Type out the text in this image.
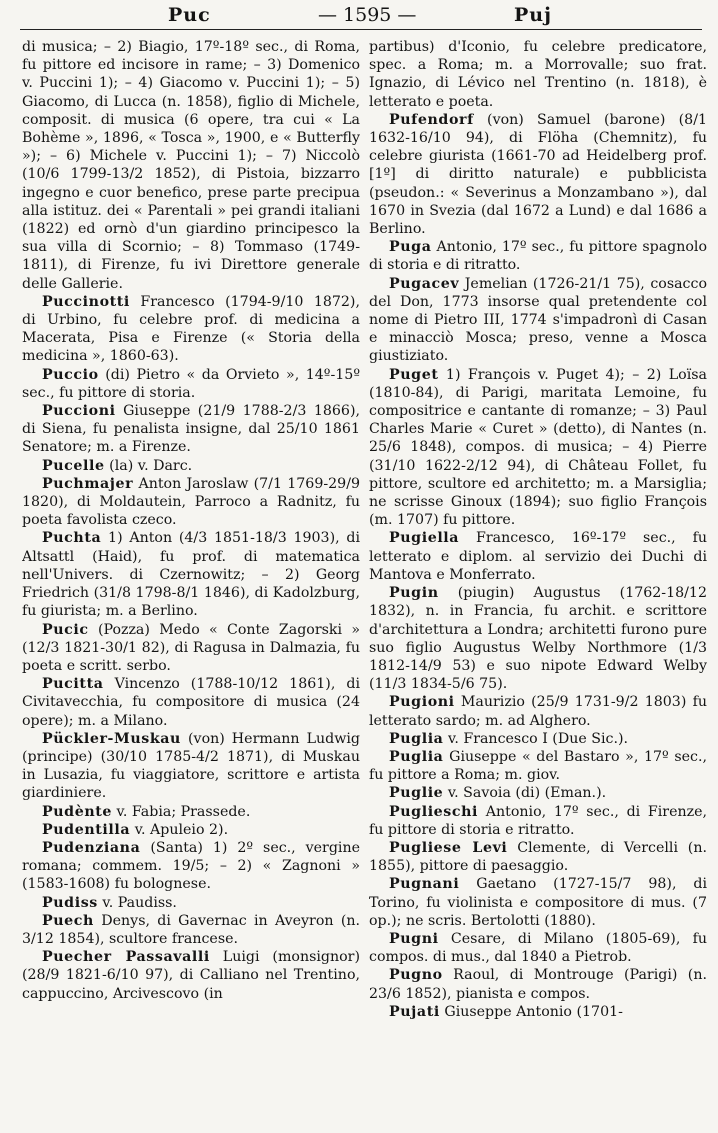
Puc	— 1595 —	Puj

di musica; – 2) Biagio, 17º-18º sec., di Roma, fu pittore ed incisore in rame; – 3) Domenico v. Puccini 1); – 4) Giacomo v. Puccini 1); – 5) Giacomo, di Lucca (n. 1858), figlio di Michele, composit. di musica (6 opere, tra cui « La Bohème », 1896, « Tosca », 1900, e « Butterfly »); – 6) Michele v. Puccini 1); – 7) Niccolò (10/6 1799-13/2 1852), di Pistoia, bizzarro ingegno e cuor benefico, prese parte precipua alla istituz. dei « Parentali » pei grandi italiani (1822) ed ornò d'un giardino principesco la sua villa di Scornio; – 8) Tommaso (1749-1811), di Firenze, fu ivi Direttore generale delle Gallerie.

Puccinotti Francesco (1794-9/10 1872), di Urbino, fu celebre prof. di medicina a Macerata, Pisa e Firenze (« Storia della medicina », 1860-63).

Puccio (di) Pietro « da Orvieto », 14º-15º sec., fu pittore di storia.

Puccioni Giuseppe (21/9 1788-2/3 1866), di Siena, fu penalista insigne, dal 25/10 1861 Senatore; m. a Firenze.

Pucelle (la) v. Darc.

Puchmajer Anton Jaroslaw (7/1 1769-29/9 1820), di Moldautein, Parroco a Radnitz, fu poeta favolista czeco.

Puchta 1) Anton (4/3 1851-18/3 1903), di Altsattl (Haid), fu prof. di matematica nell'Univers. di Czernowitz; – 2) Georg Friedrich (31/8 1798-8/1 1846), di Kadolzburg, fu giurista; m. a Berlino.

Pucic (Pozza) Medo « Conte Zagorski » (12/3 1821-30/1 82), di Ragusa in Dalmazia, fu poeta e scritt. serbo.

Pucitta Vincenzo (1788-10/12 1861), di Civitavecchia, fu compositore di musica (24 opere); m. a Milano.

Pückler-Muskau (von) Hermann Ludwig (principe) (30/10 1785-4/2 1871), di Muskau in Lusazia, fu viaggiatore, scrittore e artista giardiniere.

Pudènte v. Fabia; Prassede.

Pudentilla v. Apuleio 2).

Pudenziana (Santa) 1) 2º sec., vergine romana; commem. 19/5; – 2) « Zagnoni » (1583-1608) fu bolognese.

Pudiss v. Paudiss.

Puech Denys, di Gavernac in Aveyron (n. 3/12 1854), scultore francese.

Puecher Passavalli Luigi (monsignor) (28/9 1821-6/10 97), di Calliano nel Trentino, cappuccino, Arcivescovo (in

partibus) d'Iconio, fu celebre predicatore, spec. a Roma; m. a Morrovalle; suo frat. Ignazio, di Lévico nel Trentino (n. 1818), è letterato e poeta.

Pufendorf (von) Samuel (barone) (8/1 1632-16/10 94), di Flöha (Chemnitz), fu celebre giurista (1661-70 ad Heidelberg prof. [1º] di diritto naturale) e pubblicista (pseudon.: « Severinus a Monzambano »), dal 1670 in Svezia (dal 1672 a Lund) e dal 1686 a Berlino.

Puga Antonio, 17º sec., fu pittore spagnolo di storia e di ritratto.

Pugacev Jemelian (1726-21/1 75), cosacco del Don, 1773 insorse qual pretendente col nome di Pietro III, 1774 s'impadronì di Casan e minacciò Mosca; preso, venne a Mosca giustiziato.

Puget 1) François v. Puget 4); – 2) Loïsa (1810-84), di Parigi, maritata Lemoine, fu compositrice e cantante di romanze; – 3) Paul Charles Marie « Curet » (detto), di Nantes (n. 25/6 1848), compos. di musica; – 4) Pierre (31/10 1622-2/12 94), di Château Follet, fu pittore, scultore ed architetto; m. a Marsiglia; ne scrisse Ginoux (1894); suo figlio François (m. 1707) fu pittore.

Pugiella Francesco, 16º-17º sec., fu letterato e diplom. al servizio dei Duchi di Mantova e Monferrato.

Pugin (piugin) Augustus (1762-18/12 1832), n. in Francia, fu archit. e scrittore d'architettura a Londra; architetti furono pure suo figlio Augustus Welby Northmore (1/3 1812-14/9 53) e suo nipote Edward Welby (11/3 1834-5/6 75).

Pugioni Maurizio (25/9 1731-9/2 1803) fu letterato sardo; m. ad Alghero.

Puglia v. Francesco I (Due Sic.).

Puglia Giuseppe « del Bastaro », 17º sec., fu pittore a Roma; m. giov.

Puglie v. Savoia (di) (Eman.).

Puglieschi Antonio, 17º sec., di Firenze, fu pittore di storia e ritratto.

Pugliese Levi Clemente, di Vercelli (n. 1855), pittore di paesaggio.

Pugnani Gaetano (1727-15/7 98), di Torino, fu violinista e compositore di mus. (7 op.); ne scris. Bertolotti (1880).

Pugni Cesare, di Milano (1805-69), fu compos. di mus., dal 1840 a Pietrob.

Pugno Raoul, di Montrouge (Parigi) (n. 23/6 1852), pianista e compos.

Pujati Giuseppe Antonio (1701-
